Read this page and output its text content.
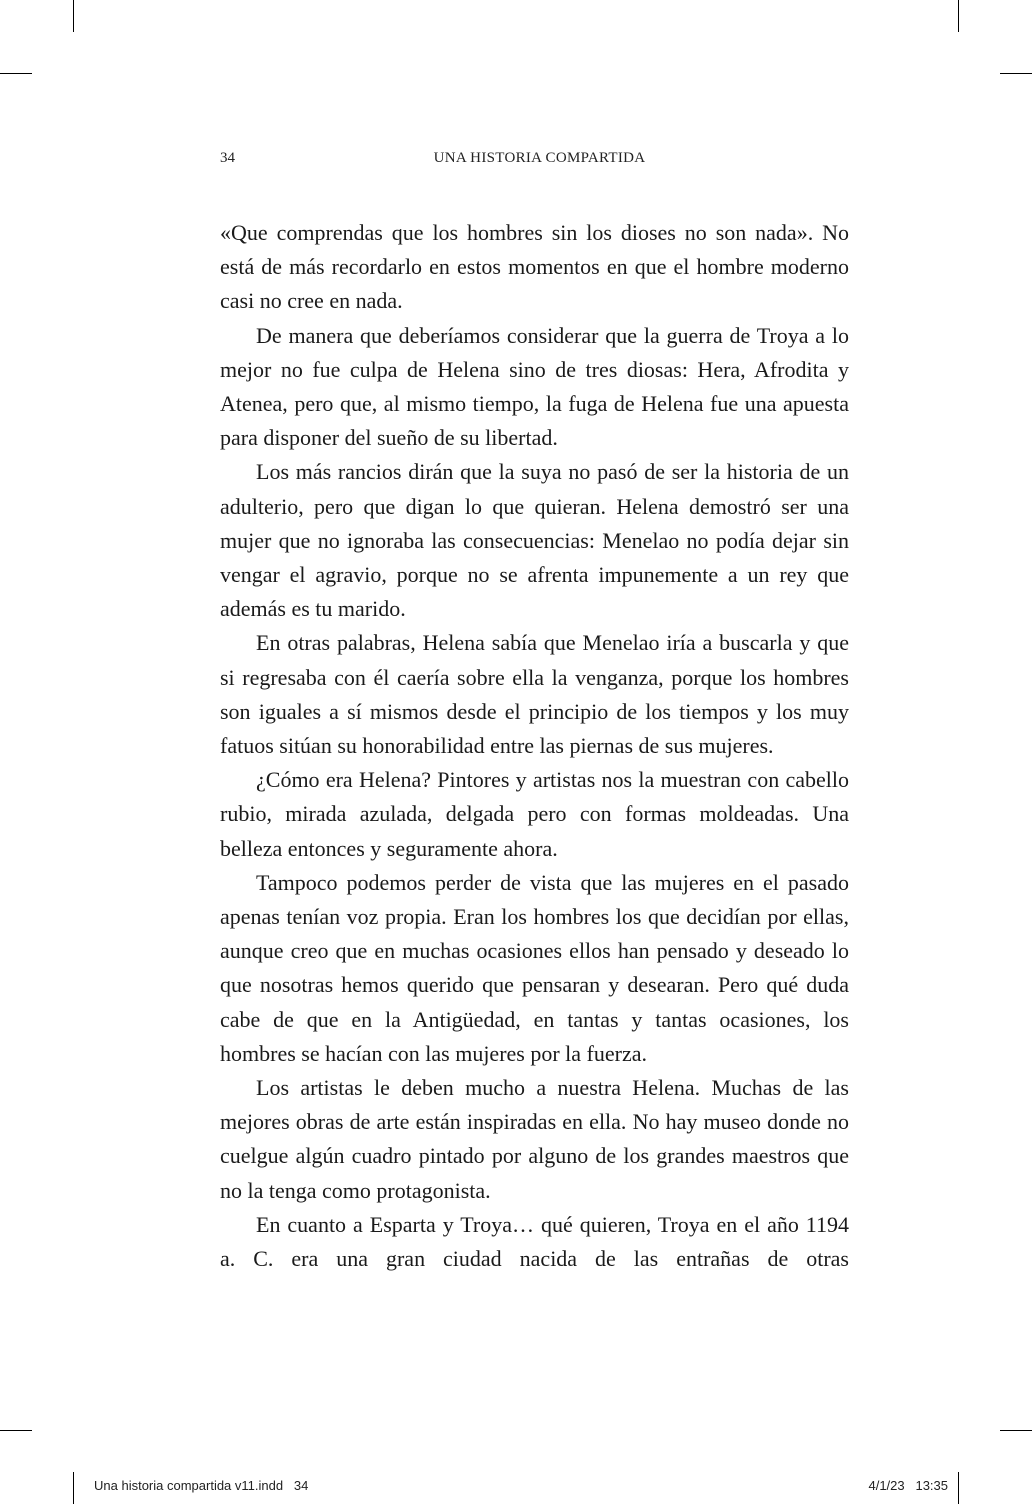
34	UNA HISTORIA COMPARTIDA

«Que comprendas que los hombres sin los dioses no son nada». No está de más recordarlo en estos momentos en que el hombre moderno casi no cree en nada.

De manera que deberíamos considerar que la guerra de Troya a lo mejor no fue culpa de Helena sino de tres diosas: Hera, Afrodita y Atenea, pero que, al mismo tiempo, la fuga de Helena fue una apuesta para disponer del sueño de su libertad.

Los más rancios dirán que la suya no pasó de ser la historia de un adulterio, pero que digan lo que quieran. Helena demostró ser una mujer que no ignoraba las consecuencias: Menelao no podía dejar sin vengar el agravio, porque no se afrenta impunemente a un rey que además es tu marido.

En otras palabras, Helena sabía que Menelao iría a buscarla y que si regresaba con él caería sobre ella la venganza, porque los hombres son iguales a sí mismos desde el principio de los tiempos y los muy fatuos sitúan su honorabilidad entre las piernas de sus mujeres.

¿Cómo era Helena? Pintores y artistas nos la muestran con cabello rubio, mirada azulada, delgada pero con formas moldeadas. Una belleza entonces y seguramente ahora.

Tampoco podemos perder de vista que las mujeres en el pasado apenas tenían voz propia. Eran los hombres los que decidían por ellas, aunque creo que en muchas ocasiones ellos han pensado y deseado lo que nosotras hemos querido que pensaran y desearan. Pero qué duda cabe de que en la Antigüedad, en tantas y tantas ocasiones, los hombres se hacían con las mujeres por la fuerza.

Los artistas le deben mucho a nuestra Helena. Muchas de las mejores obras de arte están inspiradas en ella. No hay museo donde no cuelgue algún cuadro pintado por alguno de los grandes maestros que no la tenga como protagonista.

En cuanto a Esparta y Troya… qué quieren, Troya en el año 1194 a. C. era una gran ciudad nacida de las entrañas de otras

Una historia compartida v11.indd   34	4/1/23   13:35
